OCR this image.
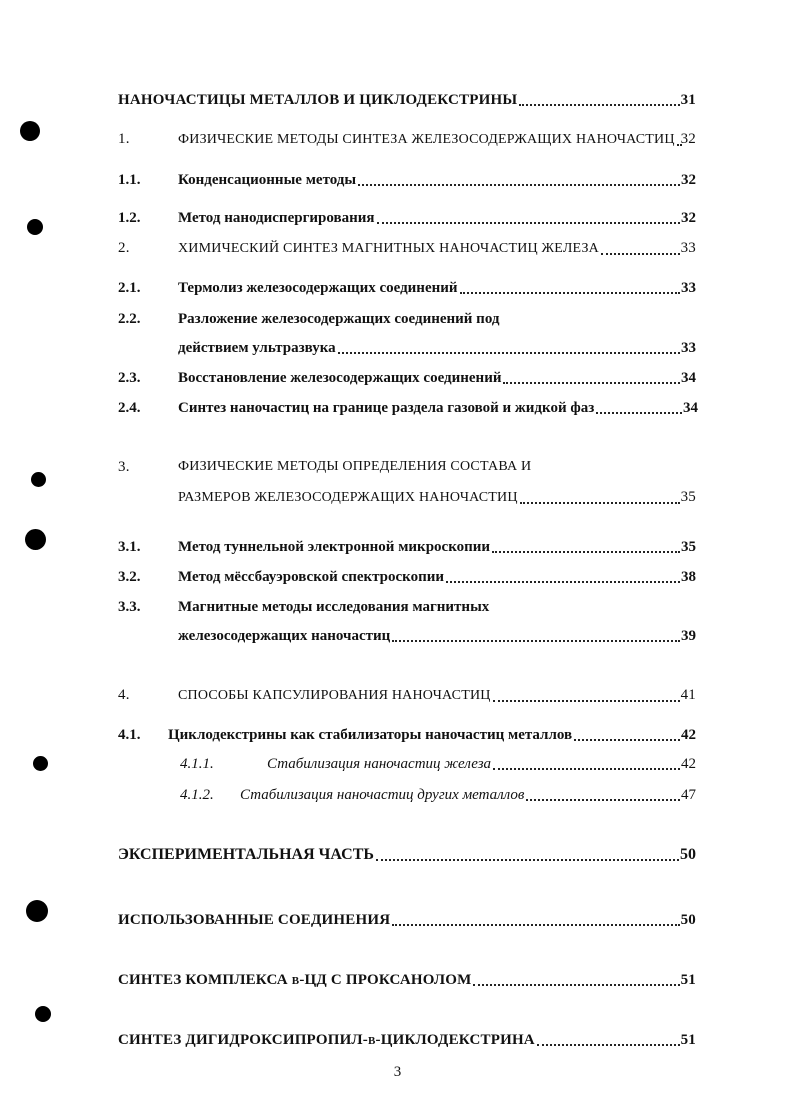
НАНОЧАСТИЦЫ МЕТАЛЛОВ И ЦИКЛОДЕКСТРИНЫ	31
1.	ФИЗИЧЕСКИЕ МЕТОДЫ СИНТЕЗА ЖЕЛЕЗОСОДЕРЖАЩИХ НАНОЧАСТИЦ 32
1.1.	Конденсационные методы	32
1.2.	Метод нанодиспергирования	32
2.	ХИМИЧЕСКИЙ СИНТЕЗ МАГНИТНЫХ НАНОЧАСТИЦ ЖЕЛЕЗА	33
2.1.	Термолиз железосодержащих соединений	33
2.2.	Разложение железосодержащих соединений под
действием ультразвука	33
2.3.	Восстановление железосодержащих соединений	34
2.4.	Синтез наночастиц на границе раздела газовой и жидкой фаз	34
3.	ФИЗИЧЕСКИЕ МЕТОДЫ ОПРЕДЕЛЕНИЯ СОСТАВА И
РАЗМЕРОВ ЖЕЛЕЗОСОДЕРЖАЩИХ НАНОЧАСТИЦ	35
3.1.	Метод туннельной электронной микроскопии	35
3.2.	Метод мёссбауэровской спектроскопии	38
3.3.	Магнитные методы исследования магнитных
железосодержащих наночастиц	39
4.	СПОСОБЫ КАПСУЛИРОВАНИЯ НАНОЧАСТИЦ	41
4.1. Циклодекстрины как стабилизаторы наночастиц металлов	42
4.1.1.	Стабилизация наночастиц железа	42
4.1.2. Стабилизация наночастиц других металлов	47
ЭКСПЕРИМЕНТАЛЬНАЯ ЧАСТЬ	50
ИСПОЛЬЗОВАННЫЕ СОЕДИНЕНИЯ	50
СИНТЕЗ КОМПЛЕКСА β-ЦД С ПРОКСАНОЛОМ	51
СИНТЕЗ ДИГИДРОКСИПРОПИЛ-β-ЦИКЛОДЕКСТРИНА	51
3
